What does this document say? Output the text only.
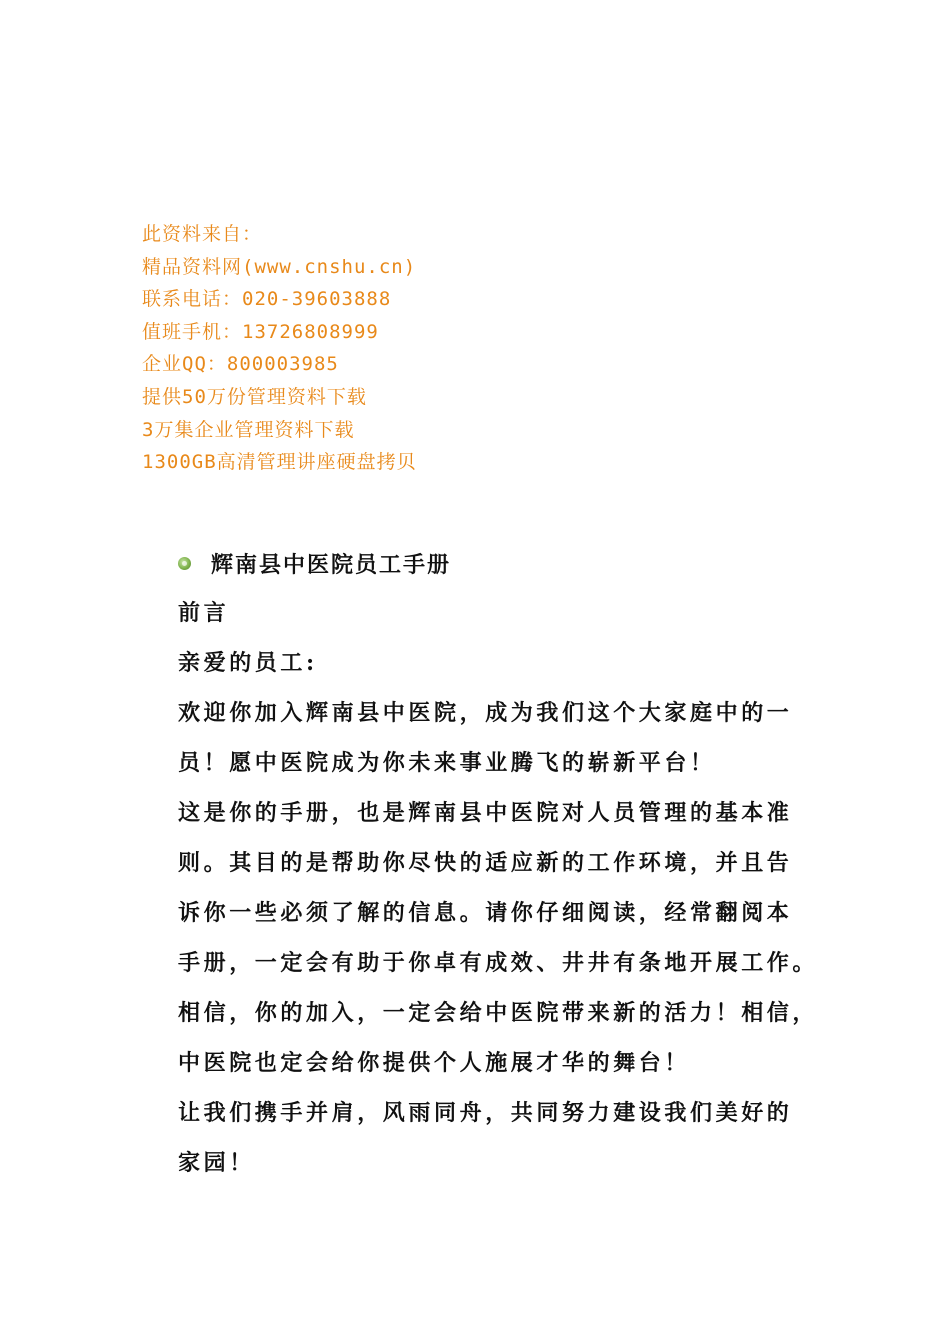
此资料来自：
精品资料网(www.cnshu.cn)
联系电话：020-39603888
值班手机：13726808999
企业QQ：800003985
提供50万份管理资料下载
3万集企业管理资料下载
1300GB高清管理讲座硬盘拷贝
辉南县中医院员工手册
前言
亲爱的员工:
欢迎你加入辉南县中医院，成为我们这个大家庭中的一
员！愿中医院成为你未来事业腾飞的崭新平台！
这是你的手册，也是辉南县中医院对人员管理的基本准
则。其目的是帮助你尽快的适应新的工作环境，并且告
诉你一些必须了解的信息。请你仔细阅读，经常翻阅本
手册，一定会有助于你卓有成效、井井有条地开展工作。
相信，你的加入，一定会给中医院带来新的活力！相信，
中医院也定会给你提供个人施展才华的舞台！
让我们携手并肩，风雨同舟，共同努力建设我们美好的
家园！
